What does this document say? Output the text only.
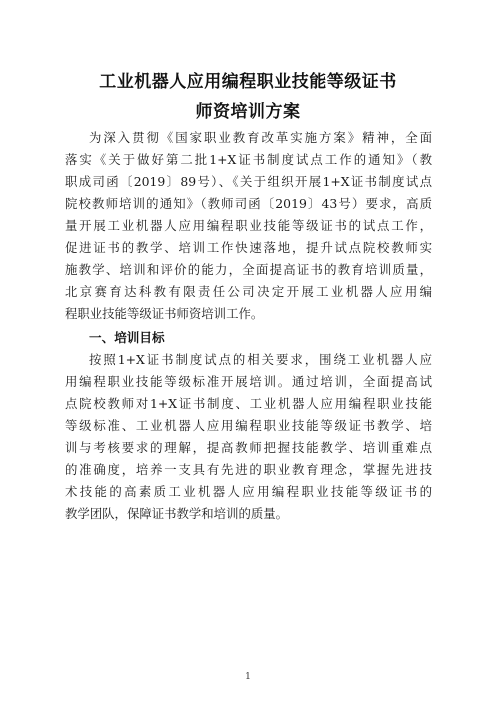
工业机器人应用编程职业技能等级证书
师资培训方案
为深入贯彻《国家职业教育改革实施方案》精神，全面
落实《关于做好第二批1+X证书制度试点工作的通知》（教
职成司函〔2019〕89号）、《关于组织开展1+X证书制度试点
院校教师培训的通知》（教师司函〔2019〕43号）要求，高质
量开展工业机器人应用编程职业技能等级证书的试点工作，
促进证书的教学、培训工作快速落地，提升试点院校教师实
施教学、培训和评价的能力，全面提高证书的教育培训质量，
北京赛育达科教有限责任公司决定开展工业机器人应用编
程职业技能等级证书师资培训工作。
一、培训目标
按照1+X证书制度试点的相关要求，围绕工业机器人应
用编程职业技能等级标准开展培训。通过培训，全面提高试
点院校教师对1+X证书制度、工业机器人应用编程职业技能
等级标准、工业机器人应用编程职业技能等级证书教学、培
训与考核要求的理解，提高教师把握技能教学、培训重难点
的准确度，培养一支具有先进的职业教育理念，掌握先进技
术技能的高素质工业机器人应用编程职业技能等级证书的
教学团队，保障证书教学和培训的质量。
1
